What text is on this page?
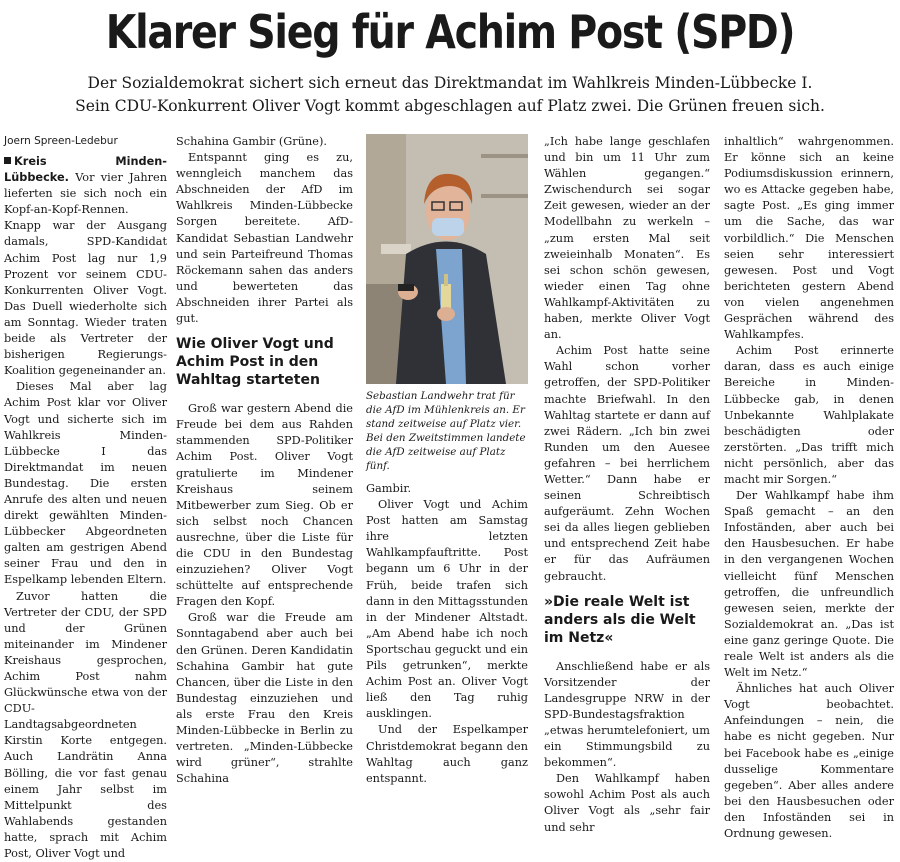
Klarer Sieg für Achim Post (SPD)
Der Sozialdemokrat sichert sich erneut das Direktmandat im Wahlkreis Minden-Lübbecke I.
Sein CDU-Konkurrent Oliver Vogt kommt abgeschlagen auf Platz zwei. Die Grünen freuen sich.
Joern Spreen-Ledebur

Kreis Minden-Lübbecke. Vor vier Jahren lieferten sie sich noch ein Kopf-an-Kopf-Rennen. Knapp war der Ausgang damals, SPD-Kandidat Achim Post lag nur 1,9 Prozent vor seinem CDU-Konkurrenten Oliver Vogt. Das Duell wiederholte sich am Sonntag. Wieder traten beide als Vertreter der bisherigen Regierungs-Koalition gegeneinander an.

Dieses Mal aber lag Achim Post klar vor Oliver Vogt und sicherte sich im Wahlkreis Minden-Lübbecke I das Direktmandat im neuen Bundestag. Die ersten Anrufe des alten und neuen direkt gewählten Minden-Lübbecker Abgeordneten galten am gestrigen Abend seiner Frau und den in Espelkamp lebenden Eltern.

Zuvor hatten die Vertreter der CDU, der SPD und der Grünen miteinander im Mindener Kreishaus gesprochen, Achim Post nahm Glückwünsche etwa von der CDU-Landtagsabgeordneten Kirstin Korte entgegen. Auch Landrätin Anna Bölling, die vor fast genau einem Jahr selbst im Mittelpunkt des Wahlabends gestanden hatte, sprach mit Achim Post, Oliver Vogt und

Schahina Gambir (Grüne).

Entspannt ging es zu, wenngleich manchem das Abschneiden der AfD im Wahlkreis Minden-Lübbecke Sorgen bereitete. AfD-Kandidat Sebastian Landwehr und sein Parteifreund Thomas Röckemann sahen das anders und bewerteten das Abschneiden ihrer Partei als gut.

Wie Oliver Vogt und Achim Post in den Wahltag starteten

Groß war gestern Abend die Freude bei dem aus Rahden stammenden SPD-Politiker Achim Post. Oliver Vogt gratulierte im Mindener Kreishaus seinem Mitbewerber zum Sieg. Ob er sich selbst noch Chancen ausrechne, über die Liste für die CDU in den Bundestag einzuziehen? Oliver Vogt schüttelte auf entsprechende Fragen den Kopf.

Groß war die Freude am Sonntagabend aber auch bei den Grünen. Deren Kandidatin Schahina Gambir hat gute Chancen, über die Liste in den Bundestag einzuziehen und als erste Frau den Kreis Minden-Lübbecke in Berlin zu vertreten. „Minden-Lübbecke wird grüner“, strahlte Schahina

Sebastian Landwehr trat für die AfD im Mühlenkreis an. Er stand zeitweise auf Platz vier. Bei den Zweitstimmen landete die AfD zeitweise auf Platz fünf.

Gambir.

Oliver Vogt und Achim Post hatten am Samstag ihre letzten Wahlkampfauftritte. Post begann um 6 Uhr in der Früh, beide trafen sich dann in den Mittagsstunden in der Mindener Altstadt. „Am Abend habe ich noch Sportschau geguckt und ein Pils getrunken“, merkte Achim Post an. Oliver Vogt ließ den Tag ruhig ausklingen.

Und der Espelkamper Christdemokrat begann den Wahltag auch ganz entspannt.

„Ich habe lange geschlafen und bin um 11 Uhr zum Wählen gegangen.“ Zwischendurch sei sogar Zeit gewesen, wieder an der Modellbahn zu werkeln – „zum ersten Mal seit zweieinhalb Monaten“. Es sei schon schön gewesen, wieder einen Tag ohne Wahlkampf-Aktivitäten zu haben, merkte Oliver Vogt an.

Achim Post hatte seine Wahl schon vorher getroffen, der SPD-Politiker machte Briefwahl. In den Wahltag startete er dann auf zwei Rädern. „Ich bin zwei Runden um den Auesee gefahren – bei herrlichem Wetter.“ Dann habe er seinen Schreibtisch aufgeräumt. Zehn Wochen sei da alles liegen geblieben und entsprechend Zeit habe er für das Aufräumen gebraucht.

»Die reale Welt ist anders als die Welt im Netz«

Anschließend habe er als Vorsitzender der Landesgruppe NRW in der SPD-Bundestagsfraktion „etwas herumtelefoniert, um ein Stimmungsbild zu bekommen“.

Den Wahlkampf haben sowohl Achim Post als auch Oliver Vogt als „sehr fair und sehr

inhaltlich“ wahrgenommen. Er könne sich an keine Podiumsdiskussion erinnern, wo es Attacke gegeben habe, sagte Post. „Es ging immer um die Sache, das war vorbildlich.“ Die Menschen seien sehr interessiert gewesen. Post und Vogt berichteten gestern Abend von vielen angenehmen Gesprächen während des Wahlkampfes.

Achim Post erinnerte daran, dass es auch einige Bereiche in Minden-Lübbecke gab, in denen Unbekannte Wahlplakate beschädigten oder zerstörten. „Das trifft mich nicht persönlich, aber das macht mir Sorgen.“

Der Wahlkampf habe ihm Spaß gemacht – an den Infoständen, aber auch bei den Hausbesuchen. Er habe in den vergangenen Wochen vielleicht fünf Menschen getroffen, die unfreundlich gewesen seien, merkte der Sozialdemokrat an. „Das ist eine ganz geringe Quote. Die reale Welt ist anders als die Welt im Netz.“

Ähnliches hat auch Oliver Vogt beobachtet. Anfeindungen – nein, die habe es nicht gegeben. Nur bei Facebook habe es „einige dusselige Kommentare gegeben“. Aber alles andere bei den Hausbesuchen oder den Infoständen sei in Ordnung gewesen.
